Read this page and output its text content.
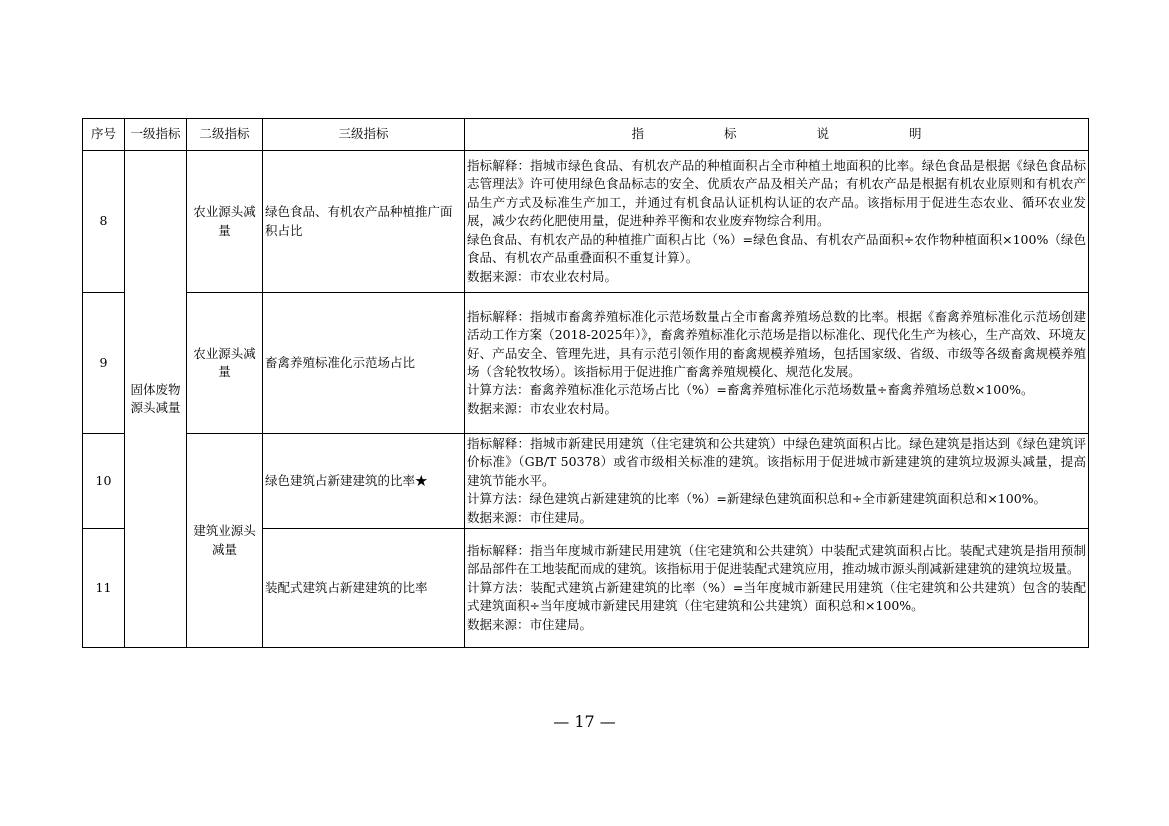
序号	一级指标	二级指标	三级指标	指 标 说 明
8	固体废物源头减量	农业源头减量	绿色食品、有机农产品种植推广面积占比	指标解释：指城市绿色食品、有机农产品的种植面积占全市种植土地面积的比率。绿色食品是根据《绿色食品标志管理法》许可使用绿色食品标志的安全、优质农产品及相关产品；有机农产品是根据有机农业原则和有机农产品生产方式及标准生产加工，并通过有机食品认证机构认证的农产品。该指标用于促进生态农业、循环农业发展，减少农药化肥使用量，促进种养平衡和农业废弃物综合利用。

绿色食品、有机农产品的种植推广面积占比（%）=绿色食品、有机农产品面积÷农作物种植面积×100%（绿色食品、有机农产品重叠面积不重复计算）。

数据来源：市农业农村局。

9		农业源头减量	畜禽养殖标准化示范场占比	指标解释：指城市畜禽养殖标准化示范场数量占全市畜禽养殖场总数的比率。根据《畜禽养殖标准化示范场创建活动工作方案（2018-2025年）》，畜禽养殖标准化示范场是指以标准化、现代化生产为核心，生产高效、环境友好、产品安全、管理先进，具有示范引领作用的畜禽规模养殖场，包括国家级、省级、市级等各级畜禽规模养殖场（含轮牧牧场）。该指标用于促进推广畜禽养殖规模化、规范化发展。

计算方法：畜禽养殖标准化示范场占比（%）=畜禽养殖标准化示范场数量÷畜禽养殖场总数×100%。

数据来源：市农业农村局。

10		建筑业源头减量	绿色建筑占新建建筑的比率★	指标解释：指城市新建民用建筑（住宅建筑和公共建筑）中绿色建筑面积占比。绿色建筑是指达到《绿色建筑评价标准》（GB/T 50378）或省市级相关标准的建筑。该指标用于促进城市新建建筑的建筑垃圾源头减量，提高建筑节能水平。

计算方法：绿色建筑占新建建筑的比率（%）=新建绿色建筑面积总和÷全市新建建筑面积总和×100%。

数据来源：市住建局。

11			装配式建筑占新建建筑的比率	指标解释：指当年度城市新建民用建筑（住宅建筑和公共建筑）中装配式建筑面积占比。装配式建筑是指用预制部品部件在工地装配而成的建筑。该指标用于促进装配式建筑应用，推动城市源头削减新建建筑的建筑垃圾量。

计算方法：装配式建筑占新建建筑的比率（%）=当年度城市新建民用建筑（住宅建筑和公共建筑）包含的装配式建筑面积÷当年度城市新建民用建筑（住宅建筑和公共建筑）面积总和×100%。

数据来源：市住建局。

— 17 —
